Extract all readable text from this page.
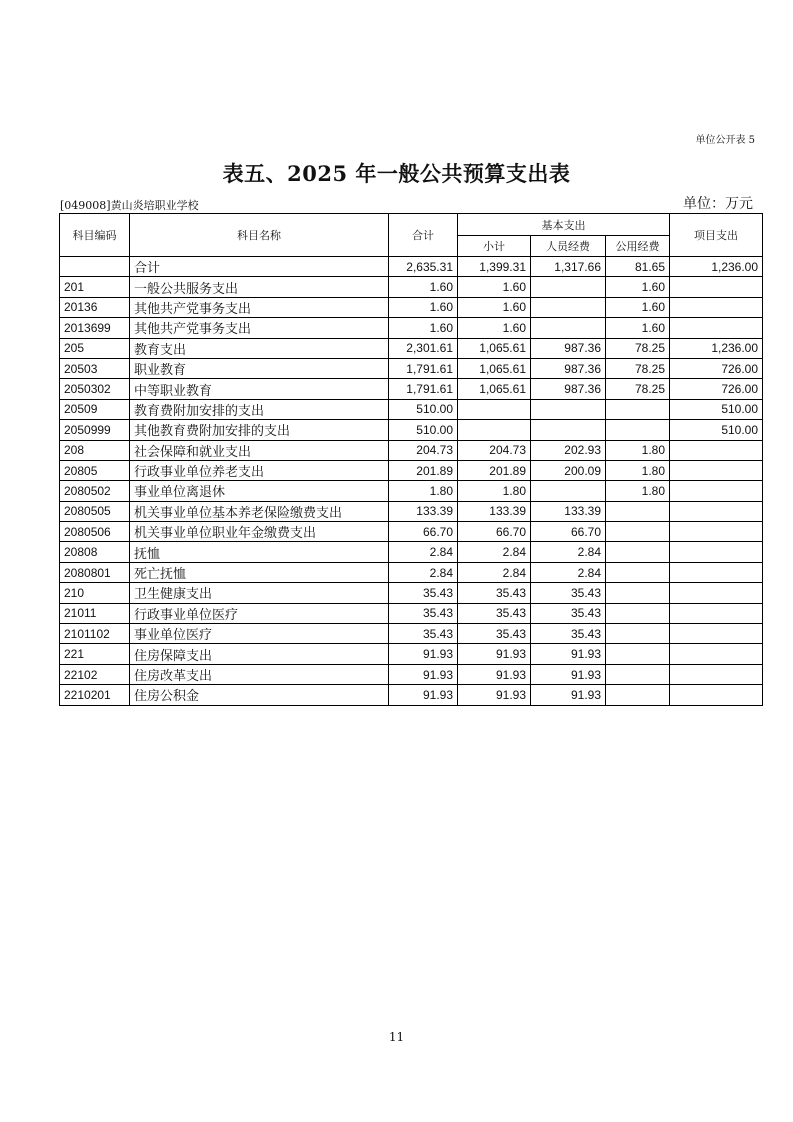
单位公开表 5
表五、2025 年一般公共预算支出表
[049008]黄山炎培职业学校	单位：万元
科目编码	科目名称	合计	基本支出			项目支出
			小计	人员经费	公用经费	
	合计	2,635.31	1,399.31	1,317.66	81.65	1,236.00
201	一般公共服务支出	1.60	1.60		1.60	
20136	其他共产党事务支出	1.60	1.60		1.60	
2013699	其他共产党事务支出	1.60	1.60		1.60	
205	教育支出	2,301.61	1,065.61	987.36	78.25	1,236.00
20503	职业教育	1,791.61	1,065.61	987.36	78.25	726.00
2050302	中等职业教育	1,791.61	1,065.61	987.36	78.25	726.00
20509	教育费附加安排的支出	510.00				510.00
2050999	其他教育费附加安排的支出	510.00				510.00
208	社会保障和就业支出	204.73	204.73	202.93	1.80	
20805	行政事业单位养老支出	201.89	201.89	200.09	1.80	
2080502	事业单位离退休	1.80	1.80		1.80	
2080505	机关事业单位基本养老保险缴费支出	133.39	133.39	133.39		
2080506	机关事业单位职业年金缴费支出	66.70	66.70	66.70		
20808	抚恤	2.84	2.84	2.84		
2080801	死亡抚恤	2.84	2.84	2.84		
210	卫生健康支出	35.43	35.43	35.43		
21011	行政事业单位医疗	35.43	35.43	35.43		
2101102	事业单位医疗	35.43	35.43	35.43		
221	住房保障支出	91.93	91.93	91.93		
22102	住房改革支出	91.93	91.93	91.93		
2210201	住房公积金	91.93	91.93	91.93		
11
